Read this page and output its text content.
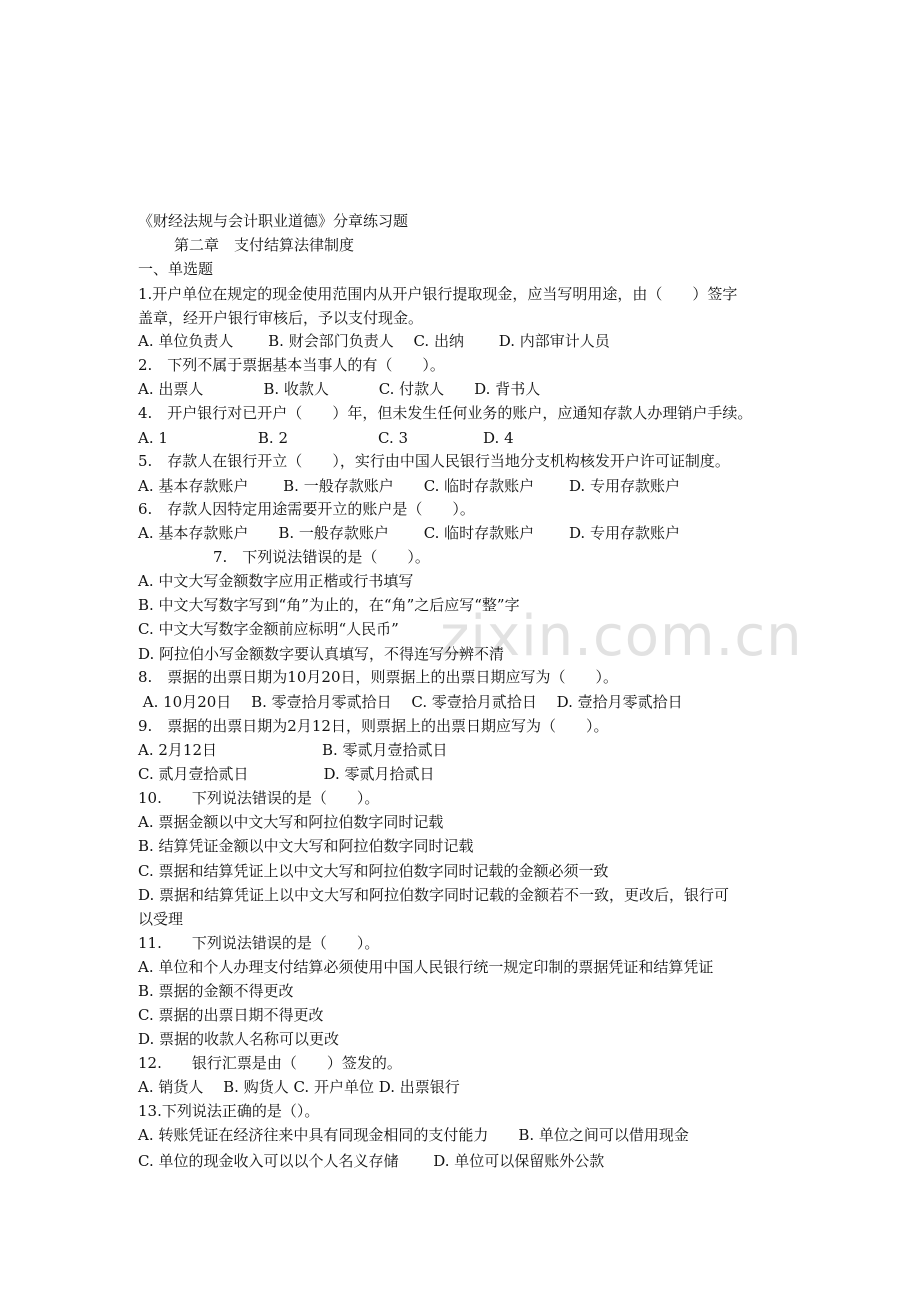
zixin.com.cn
《财经法规与会计职业道德》分章练习题
第二章　支付结算法律制度
一、单选题
1.开户单位在规定的现金使用范围内从开户银行提取现金，应当写明用途，由（　　）签字
盖章，经开户银行审核后，予以支付现金。
A. 单位负责人　　 B. 财会部门负责人　 C. 出纳　　 D. 内部审计人员
2.　下列不属于票据基本当事人的有（　　）。
A. 出票人　　　　B. 收款人　　　 C. 付款人　　D. 背书人
4.　开户银行对已开户（　　）年，但未发生任何业务的账户，应通知存款人办理销户手续。
A. 1　　　　　　B. 2　　　　　　C. 3　　　　　D. 4
5.　存款人在银行开立（　　），实行由中国人民银行当地分支机构核发开户许可证制度。
A. 基本存款账户　　 B. 一般存款账户　　C. 临时存款账户　　 D. 专用存款账户
6.　存款人因特定用途需要开立的账户是（　　）。
A. 基本存款账户　　B. 一般存款账户　　 C. 临时存款账户　　 D. 专用存款账户
　　　　　7.　下列说法错误的是（　　）。
A. 中文大写金额数字应用正楷或行书填写
B. 中文大写数字写到“角”为止的，在“角”之后应写“整”字
C. 中文大写数字金额前应标明“人民币”
D. 阿拉伯小写金额数字要认真填写，不得连写分辨不清
8.　票据的出票日期为10月20日，则票据上的出票日期应写为（　　）。
A. 10月20日　 B. 零壹拾月零贰拾日　 C. 零壹拾月贰拾日　 D. 壹拾月零贰拾日
9.　票据的出票日期为2月12日，则票据上的出票日期应写为（　　）。
A. 2月12日　　　　　　　B. 零贰月壹拾贰日
C. 贰月壹拾贰日　　　　　D. 零贰月拾贰日
10.　　下列说法错误的是（　　）。
A. 票据金额以中文大写和阿拉伯数字同时记载
B. 结算凭证金额以中文大写和阿拉伯数字同时记载
C. 票据和结算凭证上以中文大写和阿拉伯数字同时记载的金额必须一致
D. 票据和结算凭证上以中文大写和阿拉伯数字同时记载的金额若不一致，更改后，银行可
以受理
11.　　下列说法错误的是（　　）。
A. 单位和个人办理支付结算必须使用中国人民银行统一规定印制的票据凭证和结算凭证
B. 票据的金额不得更改
C. 票据的出票日期不得更改
D. 票据的收款人名称可以更改
12.　　银行汇票是由（　　）签发的。
A. 销货人　 B. 购货人 C. 开户单位 D. 出票银行
13.下列说法正确的是（）。
A. 转账凭证在经济往来中具有同现金相同的支付能力　　B. 单位之间可以借用现金
C. 单位的现金收入可以以个人名义存储　　 D. 单位可以保留账外公款
